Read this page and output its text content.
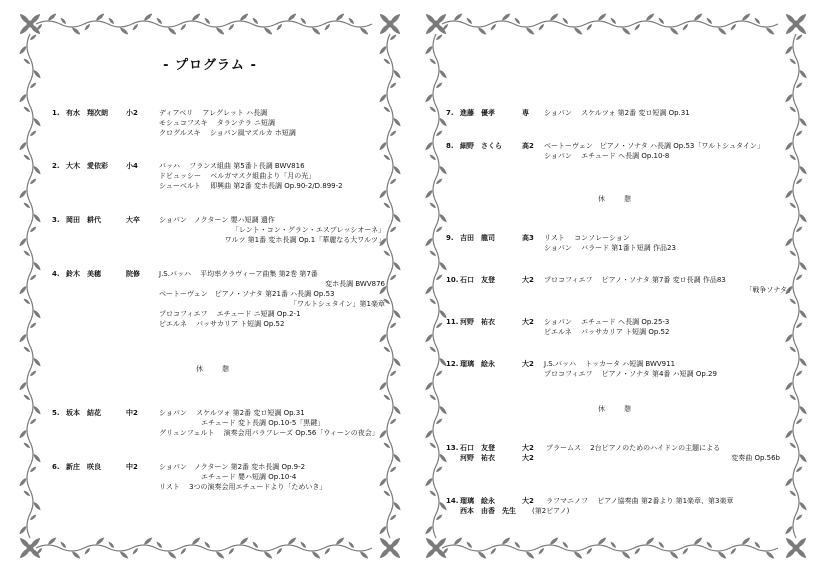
- プログラム -
1. 有水　翔次朗	小2	ディアベリ　 アレグレット ハ長調
モシュコフスキ　 タランテラ ニ短調
クログルスキ　 ショパン風マズルカ ホ短調
2. 大木　愛依彩	小4	バッハ　 フランス組曲 第5番ト長調 BWV816
ドビュッシー　 ベルガマスク組曲より「月の光」
シューベルト　 即興曲 第2番 変ホ長調 Op.90-2/D.899-2
3. 岡田　耕代	大卒	ショパン　ノクターン 嬰ハ短調 遺作
「レント・コン・グラン・エスプレッシオーネ」
ワルツ 第1番 変ホ長調 Op.1「華麗なる大ワルツ」
4. 鈴木　美穂	院修	J.S.バッハ　 平均率クラヴィーア曲集 第2巻 第7番
変ホ長調 BWV876
ベートーヴェン　ピアノ・ソナタ 第21番 ハ長調 Op.53
「ワルトシュタイン」第1楽章
プロコフィエフ　 エチュード ニ短調 Op.2-1
ピエルネ　 パッサカリア ト短調 Op.52
休　憩
5. 坂本　結花	中2	ショパン　 スケルツォ 第2番 変ロ短調 Op.31
エチュード 変ト長調 Op.10-5「黒鍵」
グリュンフェルト　 演奏会用パラフレーズ Op.56「ウィーンの夜会」
6. 新庄　咲良	中2	ショパン　ノクターン 第2番 変ホ長調 Op.9-2
エチュード 嬰ハ短調 Op.10-4
リスト　 3つの演奏会用エチュードより「ためいき」
7. 進藤　優孝	専 ショパン　 スケルツォ 第2番 変ロ短調 Op.31
8. 細野　さくら	高2 ベートーヴェン　ピアノ・ソナタ ハ長調 Op.53「ワルトシュタイン」
ショパン　 エチュード ヘ長調 Op.10-8
休　憩
9. 吉田　龍司	高3 リスト　 コンソレーション
ショパン　 バラード 第1番ト短調 作品23
10. 石口　友登	大2 プロコフィエフ　 ピアノ・ソナタ 第7番 変ロ長調 作品83
「戦争ソナタ」
11. 河野　祐衣	大2 ショパン　 エチュード ヘ長調 Op.25-3
ピエルネ　 パッサカリア ト短調 Op.52
12. 瑠璃　絵永	大2 J.S.バッハ　 トッカータ ハ短調 BWV911
プロコフィエフ　 ピアノ・ソナタ 第4番 ハ短調 Op.29
休　憩
13. 石口　友登	大2
河野　祐衣	大2
ブラームス　 2台ピアノのためのハイドンの主題による
変奏曲 Op.56b
14. 瑠璃　絵永	大2
西本　由香　先生 (第2ピアノ)
ラフマニノフ　 ピアノ協奏曲 第2番より 第1楽章、第3楽章
